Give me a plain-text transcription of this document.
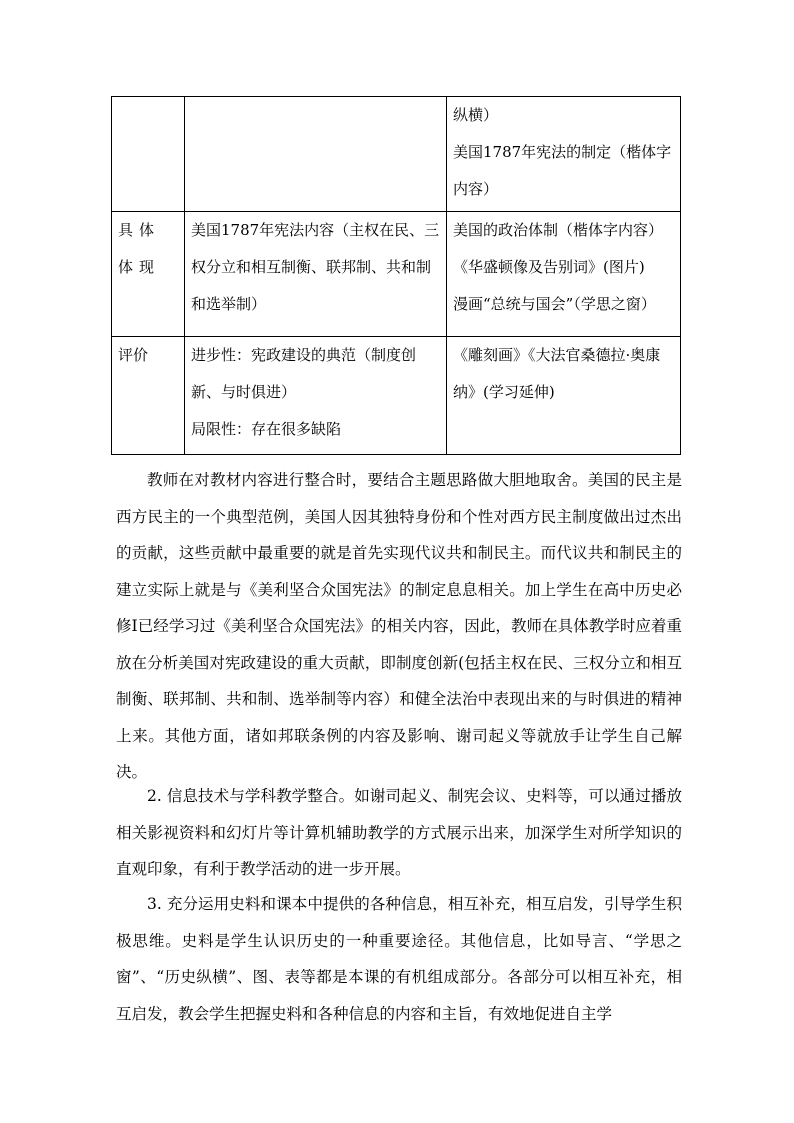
		纵横）
美国1787年宪法的制定（楷体字内容）

具体体现	美国1787年宪法内容（主权在民、三权分立和相互制衡、联邦制、共和制和选举制）	美国的政治体制（楷体字内容）
《华盛顿像及告别词》(图片)
漫画“总统与国会”（学思之窗）

评价	进步性：宪政建设的典范（制度创新、与时俱进）
局限性：存在很多缺陷	《雕刻画》《大法官桑德拉·奥康纳》(学习延伸)

教师在对教材内容进行整合时，要结合主题思路做大胆地取舍。美国的民主是西方民主的一个典型范例，美国人因其独特身份和个性对西方民主制度做出过杰出的贡献，这些贡献中最重要的就是首先实现代议共和制民主。而代议共和制民主的建立实际上就是与《美利坚合众国宪法》的制定息息相关。加上学生在高中历史必修Ⅰ已经学习过《美利坚合众国宪法》的相关内容，因此，教师在具体教学时应着重放在分析美国对宪政建设的重大贡献，即制度创新(包括主权在民、三权分立和相互制衡、联邦制、共和制、选举制等内容）和健全法治中表现出来的与时俱进的精神上来。其他方面，诸如邦联条例的内容及影响、谢司起义等就放手让学生自己解决。

2. 信息技术与学科教学整合。如谢司起义、制宪会议、史料等，可以通过播放相关影视资料和幻灯片等计算机辅助教学的方式展示出来，加深学生对所学知识的直观印象，有利于教学活动的进一步开展。

3. 充分运用史料和课本中提供的各种信息，相互补充，相互启发，引导学生积极思维。史料是学生认识历史的一种重要途径。其他信息，比如导言、“学思之窗”、“历史纵横”、图、表等都是本课的有机组成部分。各部分可以相互补充，相互启发，教会学生把握史料和各种信息的内容和主旨，有效地促进自主学
